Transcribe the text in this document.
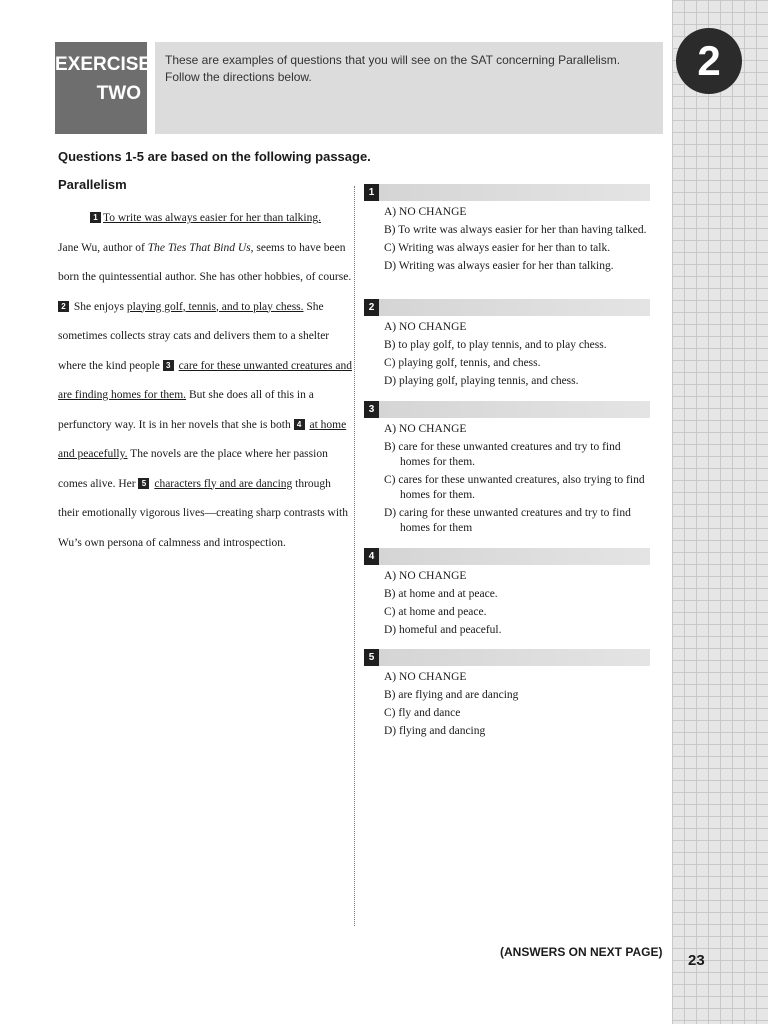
2
23
EXERCISE
TWO
These are examples of questions that you will see on the SAT concerning Parallelism. Follow the directions below.
Questions 1-5 are based on the following passage.
Parallelism
1 To write was always easier for her than talking.
Jane Wu, author of The Ties That Bind Us, seems to have been born the quintessential author. She has other hobbies, of course. 2 She enjoys playing golf, tennis, and to play chess. She sometimes collects stray cats and delivers them to a shelter where the kind people 3 care for these unwanted creatures and are finding homes for them. But she does all of this in a perfunctory way. It is in her novels that she is both 4 at home and peacefully. The novels are the place where her passion comes alive. Her 5 characters fly and are dancing through their emotionally vigorous lives—creating sharp contrasts with Wu’s own persona of calmness and introspection.
1
A) NO CHANGE
B) To write was always easier for her than having talked.
C) Writing was always easier for her than to talk.
D) Writing was always easier for her than talking.
2
A) NO CHANGE
B) to play golf, to play tennis, and to play chess.
C) playing golf, tennis, and chess.
D) playing golf, playing tennis, and chess.
3
A) NO CHANGE
B) care for these unwanted creatures and try to find homes for them.
C) cares for these unwanted creatures, also trying to find homes for them.
D) caring for these unwanted creatures and try to find homes for them
4
A) NO CHANGE
B) at home and at peace.
C) at home and peace.
D) homeful and peaceful.
5
A) NO CHANGE
B) are flying and are dancing
C) fly and dance
D) flying and dancing
(ANSWERS ON NEXT PAGE)
